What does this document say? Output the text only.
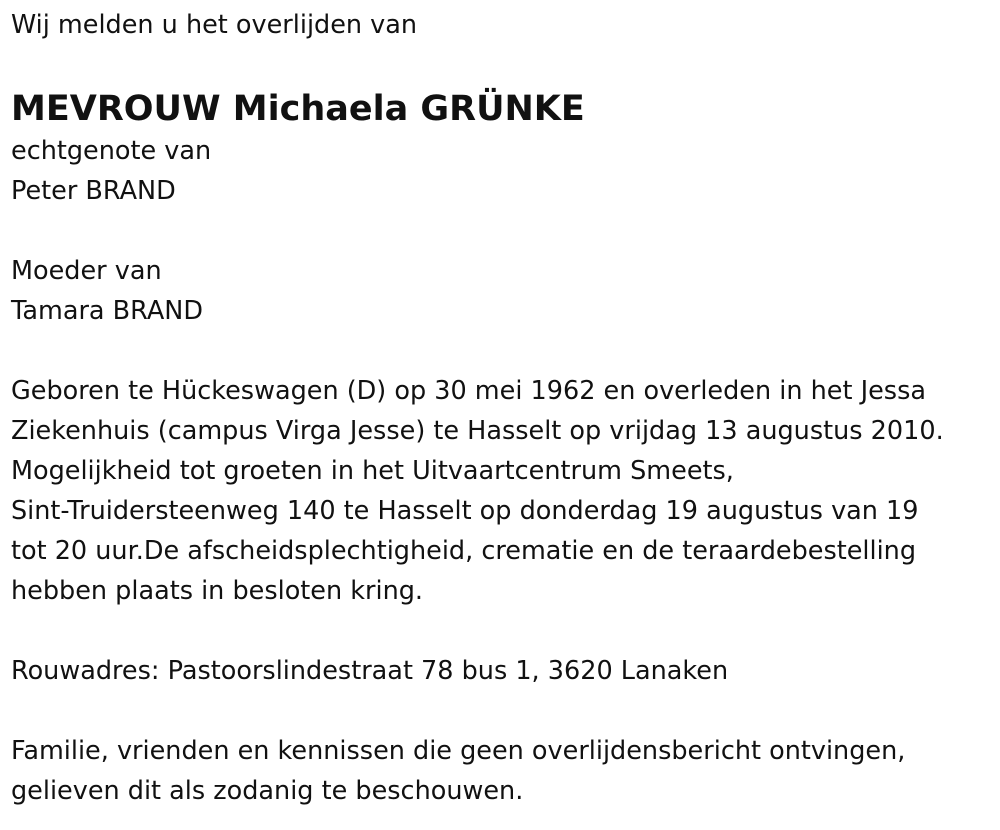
Wij melden u het overlijden van
MEVROUW Michaela GRÜNKE
echtgenote van
Peter BRAND
Moeder van
Tamara BRAND
Geboren te Hückeswagen (D) op 30 mei 1962 en overleden in het Jessa
Ziekenhuis (campus Virga Jesse) te Hasselt op vrijdag 13 augustus 2010.
Mogelijkheid tot groeten in het Uitvaartcentrum Smeets,
Sint-Truidersteenweg 140 te Hasselt op donderdag 19 augustus van 19
tot 20 uur.De afscheidsplechtigheid, crematie en de teraardebestelling
hebben plaats in besloten kring.
Rouwadres: Pastoorslindestraat 78 bus 1, 3620 Lanaken
Familie, vrienden en kennissen die geen overlijdensbericht ontvingen,
gelieven dit als zodanig te beschouwen.
